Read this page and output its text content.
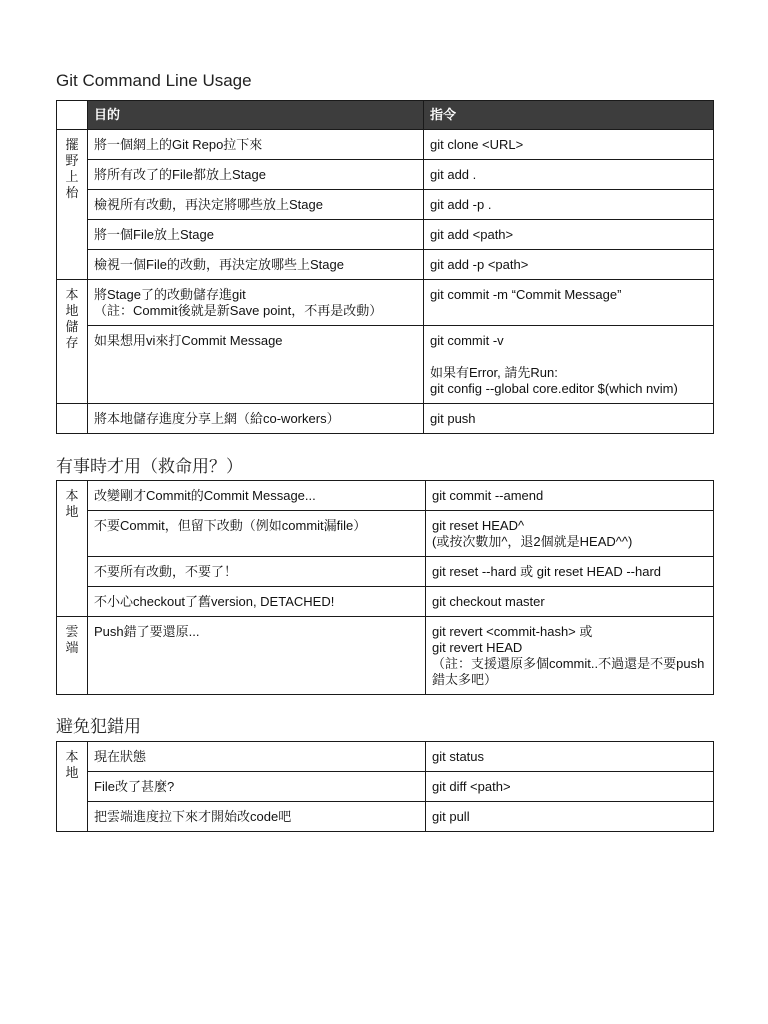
Git Command Line Usage
	目的	指令

擺
野
上
枱	將一個網上的Git Repo拉下來	git clone <URL>
	將所有改了的File都放上Stage	git add .
	檢視所有改動，再決定將哪些放上Stage	git add -p .
	將一個File放上Stage	git add <path>
	檢視一個File的改動，再決定放哪些上Stage	git add -p <path>

本
地
儲
存	將Stage了的改動儲存進git
（註：Commit後就是新Save point，不再是改動）	git commit -m “Commit Message”
	如果想用vi來打Commit Message	git commit -v
如果有Error, 請先Run:
git config --global core.editor $(which nvim)
	將本地儲存進度分享上網（給co-workers）	git push
有事時才用（救命用？）
本
地	改變剛才Commit的Commit Message...	git commit --amend
	不要Commit，但留下改動（例如commit漏file）	git reset HEAD^
(或按次數加^，退2個就是HEAD^^)
	不要所有改動，不要了！	git reset --hard 或 git reset HEAD --hard
	不小心checkout了舊version, DETACHED!	git checkout master

雲
端	Push錯了要還原...	git revert <commit-hash> 或
git revert HEAD
（註：支援還原多個commit..不過還是不要push錯太多吧）
避免犯錯用
本
地	現在狀態	git status
	File改了甚麼?	git diff <path>
	把雲端進度拉下來才開始改code吧	git pull
